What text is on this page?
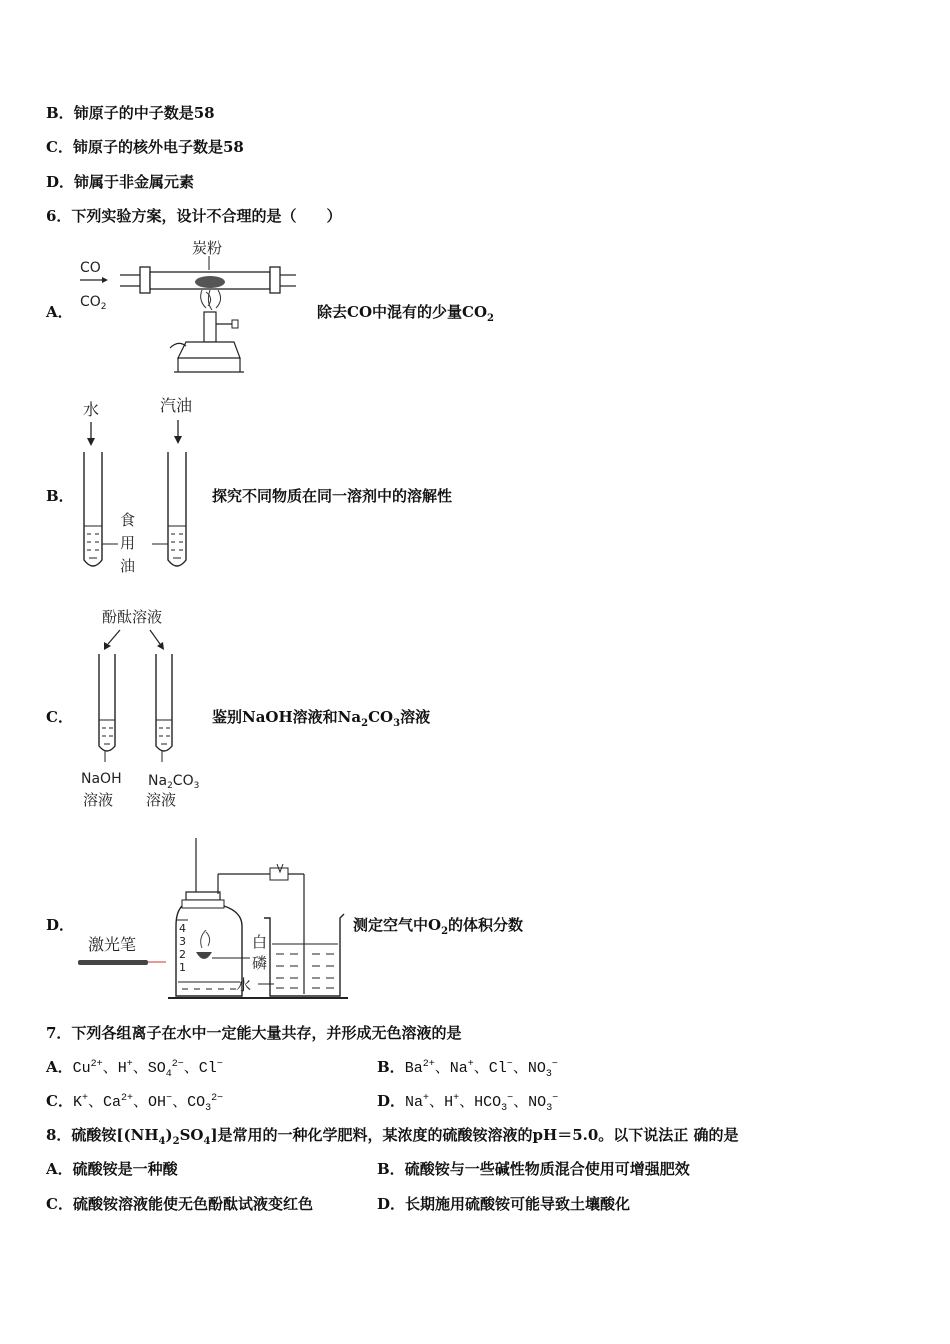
B．铈原子的中子数是58
C．铈原子的核外电子数是58
D．铈属于非金属元素
6．下列实验方案，设计不合理的是（　　）
A．
炭粉
CO
$CO_2$	除去CO中混有的少量$CO_2$
B．
水	汽油
食
用
油
探究不同物质在同一溶剂中的溶解性
C．
酚酞溶液
NaOH
溶液
$Na_2CO_3$
溶液
鉴别NaOH溶液和$Na_2CO_3$溶液
D．
激光笔
4
3
2
1
白
磷
水
测定空气中$O_2$的体积分数
7．下列各组离子在水中一定能大量共存，并形成无色溶液的是
A．$Cu^{2+}$、H+、$SO_4^{2-}$、Cl−	B．$Ba^{2+}$、Na+、Cl−、$NO_3^-$
C．K+、$Ca^{2+}$、OH−、$CO_3^{2-}$	D．Na+、H+、$HCO_3^-$、$NO_3^-$
8．硫酸铵$[(NH_4)_2SO_4]$是常用的一种化学肥料，某浓度的硫酸铵溶液的pH＝5.0。以下说法正 确的是
A．硫酸铵是一种酸	B．硫酸铵与一些碱性物质混合使用可增强肥效
C．硫酸铵溶液能使无色酚酞试液变红色	D．长期施用硫酸铵可能导致土壤酸化
